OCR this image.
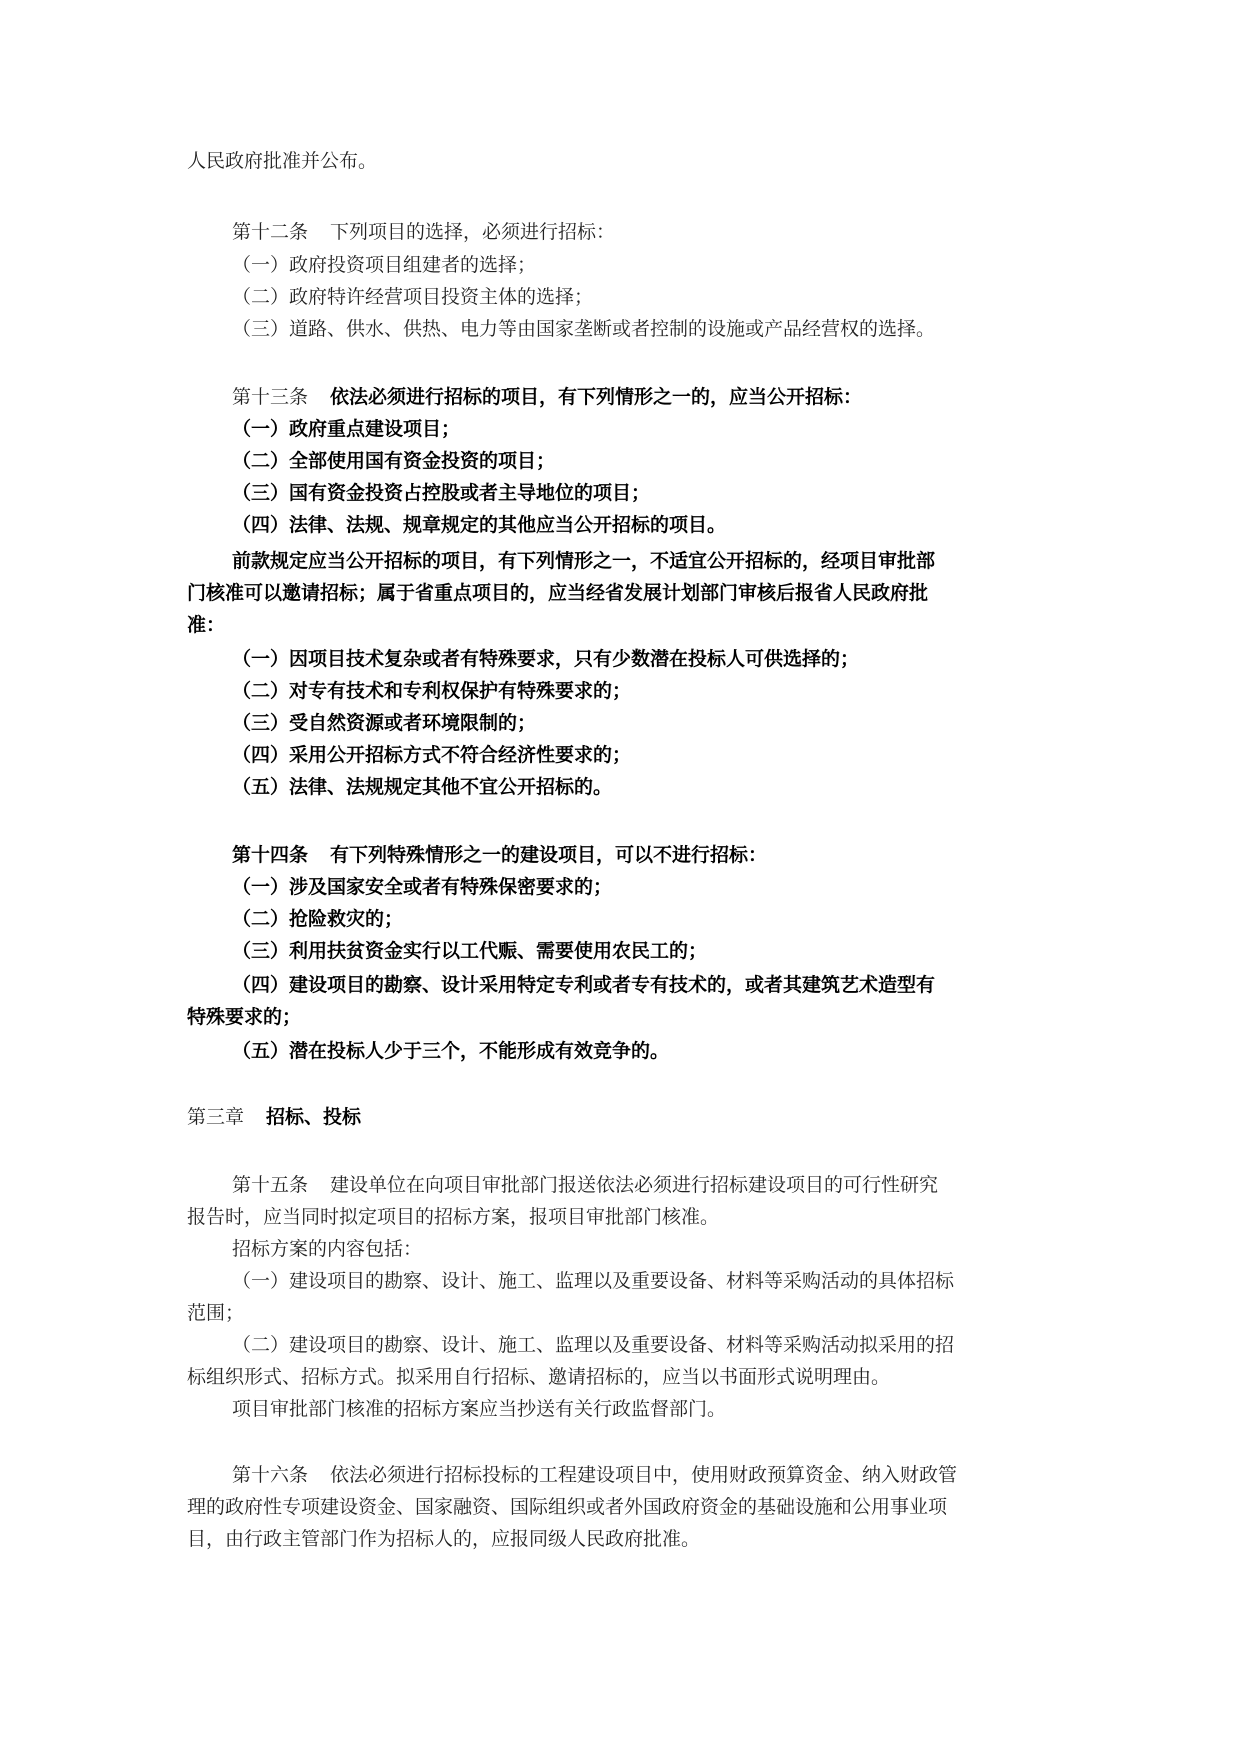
人民政府批准并公布。

第十二条 下列项目的选择，必须进行招标：

（一）政府投资项目组建者的选择；

（二）政府特许经营项目投资主体的选择；

（三）道路、供水、供热、电力等由国家垄断或者控制的设施或产品经营权的选择。

第十三条 依法必须进行招标的项目，有下列情形之一的，应当公开招标：

（一）政府重点建设项目；

（二）全部使用国有资金投资的项目；

（三）国有资金投资占控股或者主导地位的项目；

（四）法律、法规、规章规定的其他应当公开招标的项目。

前款规定应当公开招标的项目，有下列情形之一，不适宜公开招标的，经项目审批部

门核准可以邀请招标；属于省重点项目的，应当经省发展计划部门审核后报省人民政府批

准：

（一）因项目技术复杂或者有特殊要求，只有少数潜在投标人可供选择的；

（二）对专有技术和专利权保护有特殊要求的；

（三）受自然资源或者环境限制的；

（四）采用公开招标方式不符合经济性要求的；

（五）法律、法规规定其他不宜公开招标的。

第十四条 有下列特殊情形之一的建设项目，可以不进行招标：

（一）涉及国家安全或者有特殊保密要求的；

（二）抢险救灾的；

（三）利用扶贫资金实行以工代赈、需要使用农民工的；

（四）建设项目的勘察、设计采用特定专利或者专有技术的，或者其建筑艺术造型有

特殊要求的；

（五）潜在投标人少于三个，不能形成有效竞争的。

第三章 招标、投标

第十五条 建设单位在向项目审批部门报送依法必须进行招标建设项目的可行性研究

报告时，应当同时拟定项目的招标方案，报项目审批部门核准。

招标方案的内容包括：

（一）建设项目的勘察、设计、施工、监理以及重要设备、材料等采购活动的具体招标

范围；

（二）建设项目的勘察、设计、施工、监理以及重要设备、材料等采购活动拟采用的招

标组织形式、招标方式。拟采用自行招标、邀请招标的，应当以书面形式说明理由。

项目审批部门核准的招标方案应当抄送有关行政监督部门。

第十六条 依法必须进行招标投标的工程建设项目中，使用财政预算资金、纳入财政管

理的政府性专项建设资金、国家融资、国际组织或者外国政府资金的基础设施和公用事业项

目，由行政主管部门作为招标人的，应报同级人民政府批准。
